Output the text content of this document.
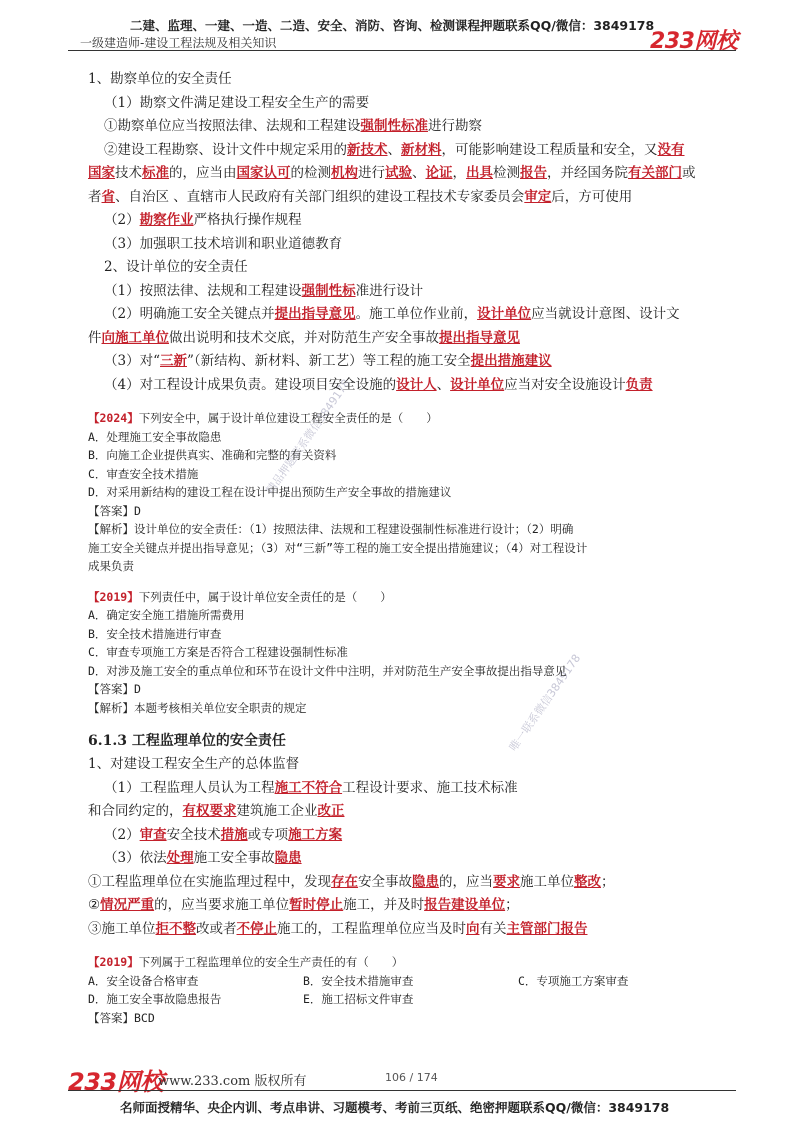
二建、监理、一建、一造、二造、安全、消防、咨询、检测课程押题联系QQ/微信：3849178
一级建造师-建设工程法规及相关知识	233网校
精品押题联系微信3849178
唯一联系微信3849178
1、勘察单位的安全责任
（1）勘察文件满足建设工程安全生产的需要
①勘察单位应当按照法律、法规和工程建设强制性标准进行勘察
②建设工程勘察、设计文件中规定采用的新技术、新材料，可能影响建设工程质量和安全，又没有
国家技术标准的，应当由国家认可的检测机构进行试验、论证，出具检测报告，并经国务院有关部门或
者省、自治区 、直辖市人民政府有关部门组织的建设工程技术专家委员会审定后，方可使用
（2）勘察作业严格执行操作规程
（3）加强职工技术培训和职业道德教育
2、设计单位的安全责任
（1）按照法律、法规和工程建设强制性标准进行设计
（2）明确施工安全关键点并提出指导意见。施工单位作业前，设计单位应当就设计意图、设计文
件向施工单位做出说明和技术交底，并对防范生产安全事故提出指导意见
（3）对“三新”（新结构、新材料、新工艺）等工程的施工安全提出措施建议
（4）对工程设计成果负责。建设项目安全设施的设计人、设计单位应当对安全设施设计负责
【2024】下列安全中，属于设计单位建设工程安全责任的是（　　）
A．处理施工安全事故隐患
B．向施工企业提供真实、准确和完整的有关资料
C．审查安全技术措施
D．对采用新结构的建设工程在设计中提出预防生产安全事故的措施建议
【答案】D
【解析】设计单位的安全责任：（1）按照法律、法规和工程建设强制性标准进行设计；（2）明确
施工安全关键点并提出指导意见；（3）对“三新”等工程的施工安全提出措施建议；（4）对工程设计
成果负责
【2019】下列责任中，属于设计单位安全责任的是（　　）
A．确定安全施工措施所需费用
B．安全技术措施进行审查
C．审查专项施工方案是否符合工程建设强制性标准
D．对涉及施工安全的重点单位和环节在设计文件中注明，并对防范生产安全事故提出指导意见
【答案】D
【解析】本题考核相关单位安全职责的规定
6.1.3 工程监理单位的安全责任
1、对建设工程安全生产的总体监督
（1）工程监理人员认为工程施工不符合工程设计要求、施工技术标准
和合同约定的，有权要求建筑施工企业改正
（2）审查安全技术措施或专项施工方案
（3）依法处理施工安全事故隐患
①工程监理单位在实施监理过程中，发现存在安全事故隐患的，应当要求施工单位整改；
②情况严重的，应当要求施工单位暂时停止施工，并及时报告建设单位；
③施工单位拒不整改或者不停止施工的，工程监理单位应当及时向有关主管部门报告
【2019】下列属于工程监理单位的安全生产责任的有（　　）
A．安全设备合格审查	B．安全技术措施审查	C．专项施工方案审查
D．施工安全事故隐患报告	E．施工招标文件审查
【答案】BCD
233网校
www.233.com 版权所有	106 / 174
名师面授精华、央企内训、考点串讲、习题模考、考前三页纸、绝密押题联系QQ/微信：3849178
